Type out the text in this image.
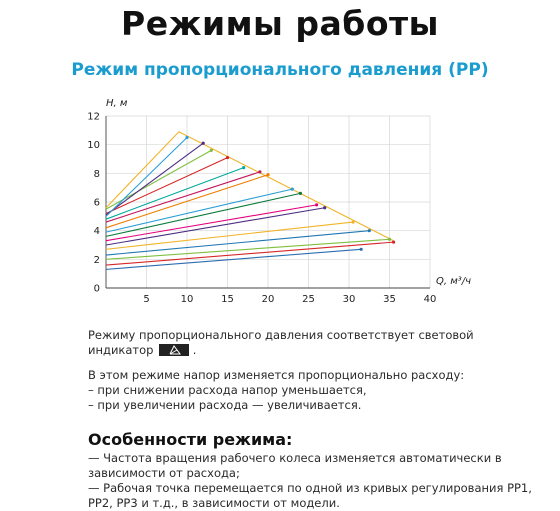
Режимы работы
Режим пропорционального давления (PP)
0
2
4
6
8
10
12
5	10	15	20	25	30	35	40
H, м
Q, м³/ч
Режиму пропорционального давления соответствует световой
индикатор	.
В этом режиме напор изменяется пропорционально расходу:
– при снижении расхода напор уменьшается,
– при увеличении расхода — увеличивается.
Особенности режима:
— Частота вращения рабочего колеса изменяется автоматически в
зависимости от расхода;
— Рабочая точка перемещается по одной из кривых регулирования PP1,
PP2, PP3 и т.д., в зависимости от модели.
